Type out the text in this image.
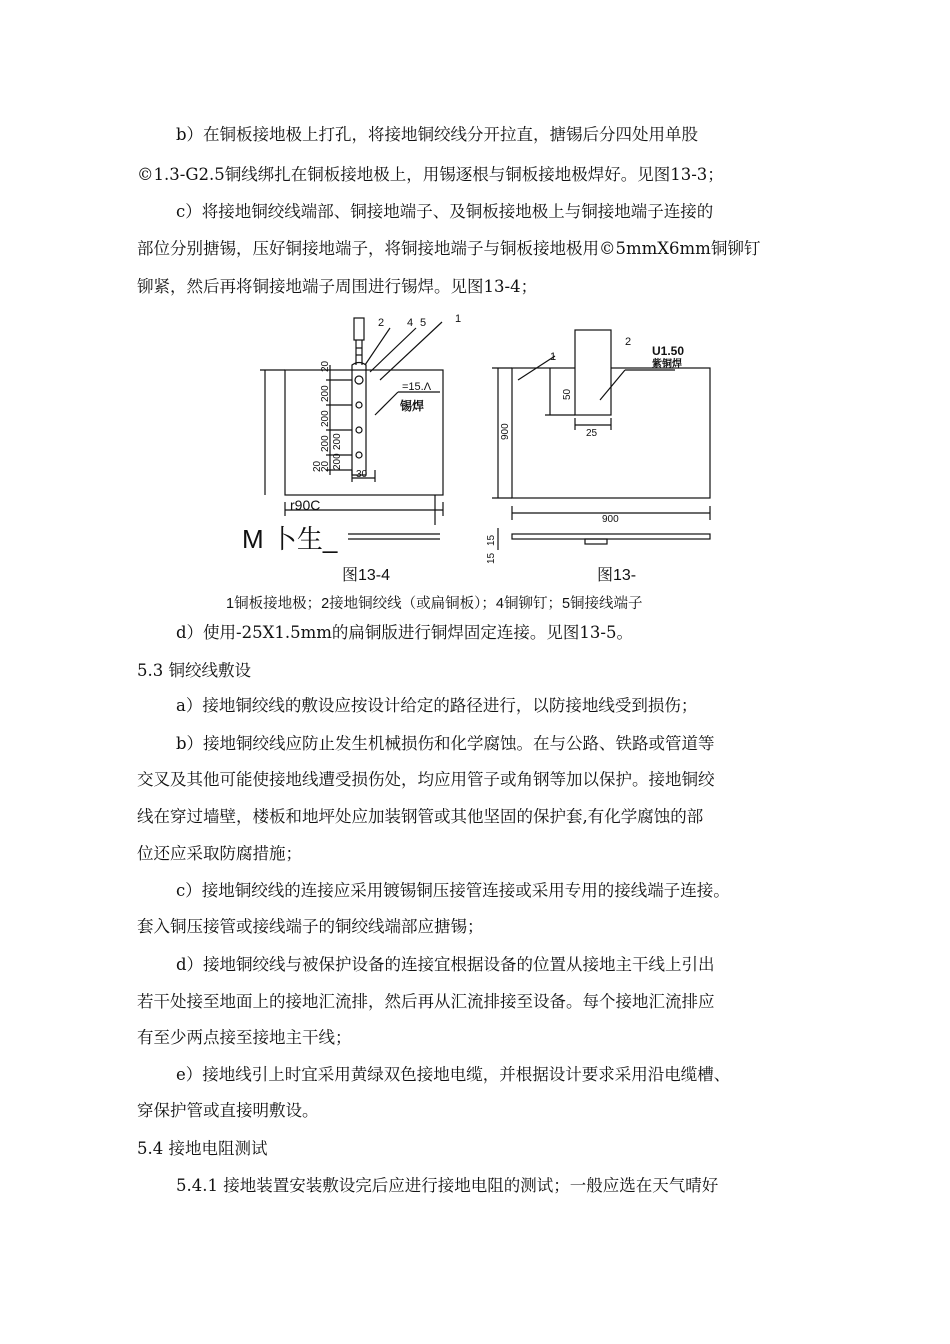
b）在铜板接地极上打孔，将接地铜绞线分开拉直，搪锡后分四处用单股
©1.3-G2.5铜线绑扎在铜板接地极上，用锡逐根与铜板接地极焊好。见图13-3；
c）将接地铜绞线端部、铜接地端子、及铜板接地极上与铜接地端子连接的
部位分别搪锡，压好铜接地端子，将铜接地端子与铜板接地极用©5mmX6mm铜铆钉
铆紧，然后再将铜接地端子周围进行锡焊。见图13-4；
2 4 5	1
=15.Λ
锡焊
20
200
200
200
20
200
200
20
30
r90C
M 卜生_
图13-4
1
2
U1.50
紫铜焊
50
25
900
900
15
15
图13-
1铜板接地极；2接地铜绞线（或扁铜板）；4铜铆钉；5铜接线端子
d）使用-25X1.5mm的扁铜版进行铜焊固定连接。见图13-5。
5.3 铜绞线敷设
a）接地铜绞线的敷设应按设计给定的路径进行，以防接地线受到损伤；
b）接地铜绞线应防止发生机械损伤和化学腐蚀。在与公路、铁路或管道等
交叉及其他可能使接地线遭受损伤处，均应用管子或角钢等加以保护。接地铜绞
线在穿过墙壁，楼板和地坪处应加装钢管或其他坚固的保护套,有化学腐蚀的部
位还应采取防腐措施；
c）接地铜绞线的连接应采用镀锡铜压接管连接或采用专用的接线端子连接。
套入铜压接管或接线端子的铜绞线端部应搪锡；
d）接地铜绞线与被保护设备的连接宜根据设备的位置从接地主干线上引出
若干处接至地面上的接地汇流排，然后再从汇流排接至设备。每个接地汇流排应
有至少两点接至接地主干线；
e）接地线引上时宜采用黄绿双色接地电缆，并根据设计要求采用沿电缆槽、
穿保护管或直接明敷设。
5.4 接地电阻测试
5.4.1 接地装置安装敷设完后应进行接地电阻的测试；一般应选在天气晴好
